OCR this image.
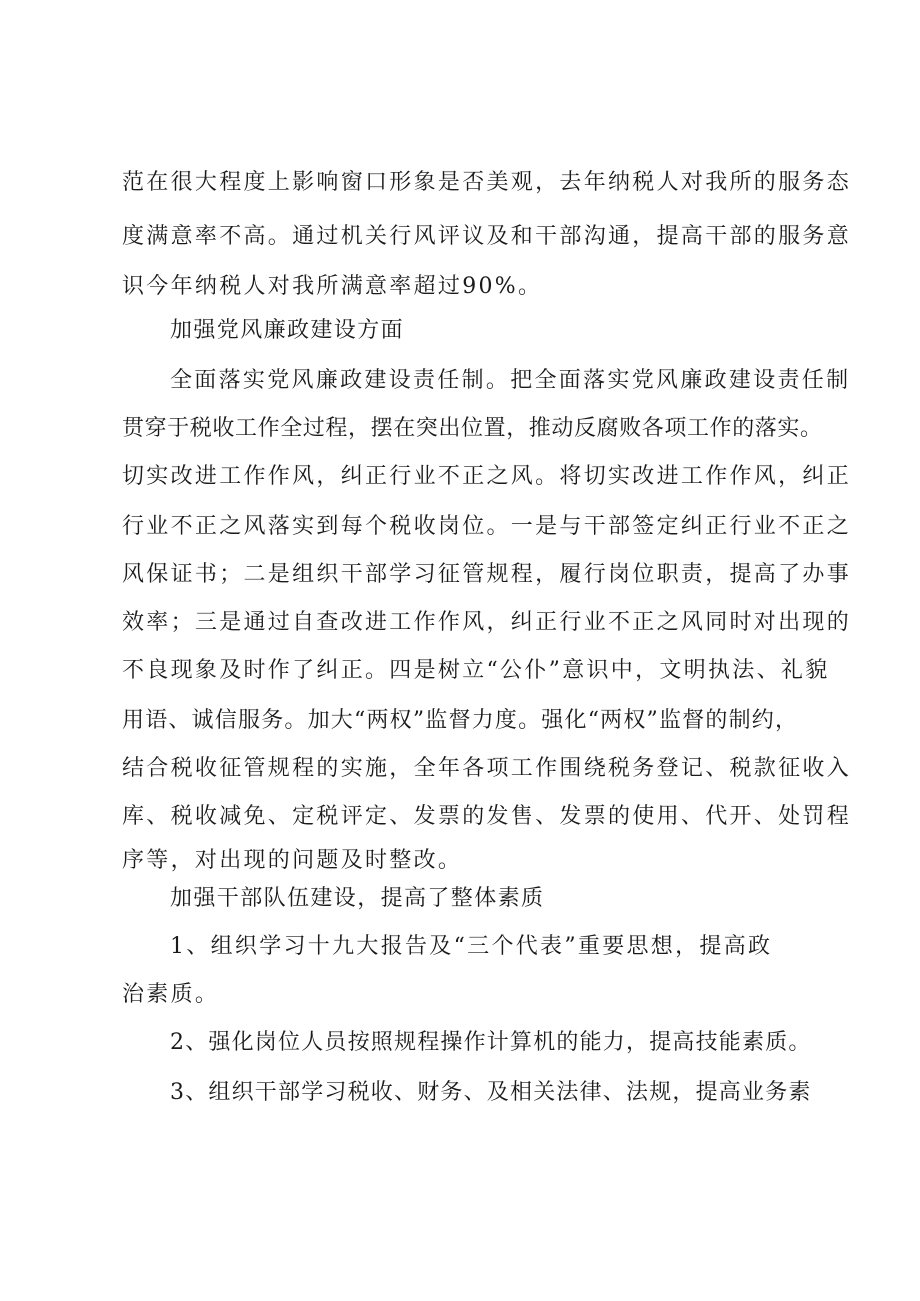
范在很大程度上影响窗口形象是否美观，去年纳税人对我所的服务态
度满意率不高。通过机关行风评议及和干部沟通，提高干部的服务意
识今年纳税人对我所满意率超过90%。
加强党风廉政建设方面
全面落实党风廉政建设责任制。把全面落实党风廉政建设责任制
贯穿于税收工作全过程，摆在突出位置，推动反腐败各项工作的落实。
切实改进工作作风，纠正行业不正之风。将切实改进工作作风，纠正
行业不正之风落实到每个税收岗位。一是与干部签定纠正行业不正之
风保证书；二是组织干部学习征管规程，履行岗位职责，提高了办事
效率；三是通过自查改进工作作风，纠正行业不正之风同时对出现的
不良现象及时作了纠正。四是树立“公仆”意识中，文明执法、礼貌
用语、诚信服务。加大“两权”监督力度。强化“两权”监督的制约，
结合税收征管规程的实施，全年各项工作围绕税务登记、税款征收入
库、税收减免、定税评定、发票的发售、发票的使用、代开、处罚程
序等，对出现的问题及时整改。
加强干部队伍建设，提高了整体素质
1、组织学习十九大报告及“三个代表”重要思想，提高政
治素质。
2、强化岗位人员按照规程操作计算机的能力，提高技能素质。
3、组织干部学习税收、财务、及相关法律、法规，提高业务素
